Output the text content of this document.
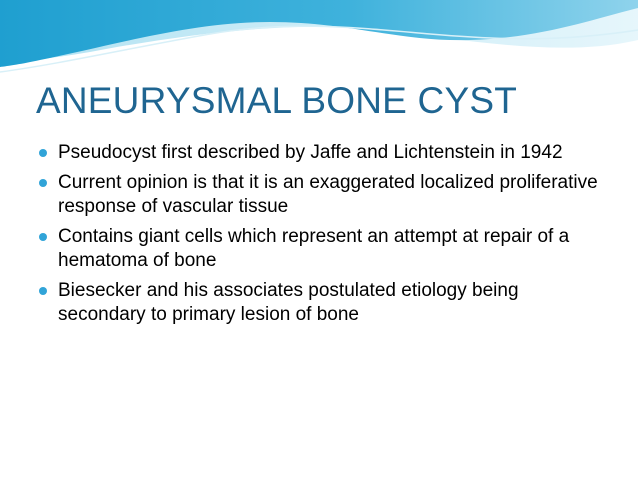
ANEURYSMAL BONE CYST
Pseudocyst first described by Jaffe and Lichtenstein in 1942
Current opinion is that it is an exaggerated localized proliferative response of vascular tissue
Contains giant cells which represent an attempt at repair of a hematoma of bone
Biesecker and his associates postulated etiology being secondary to primary lesion of bone
